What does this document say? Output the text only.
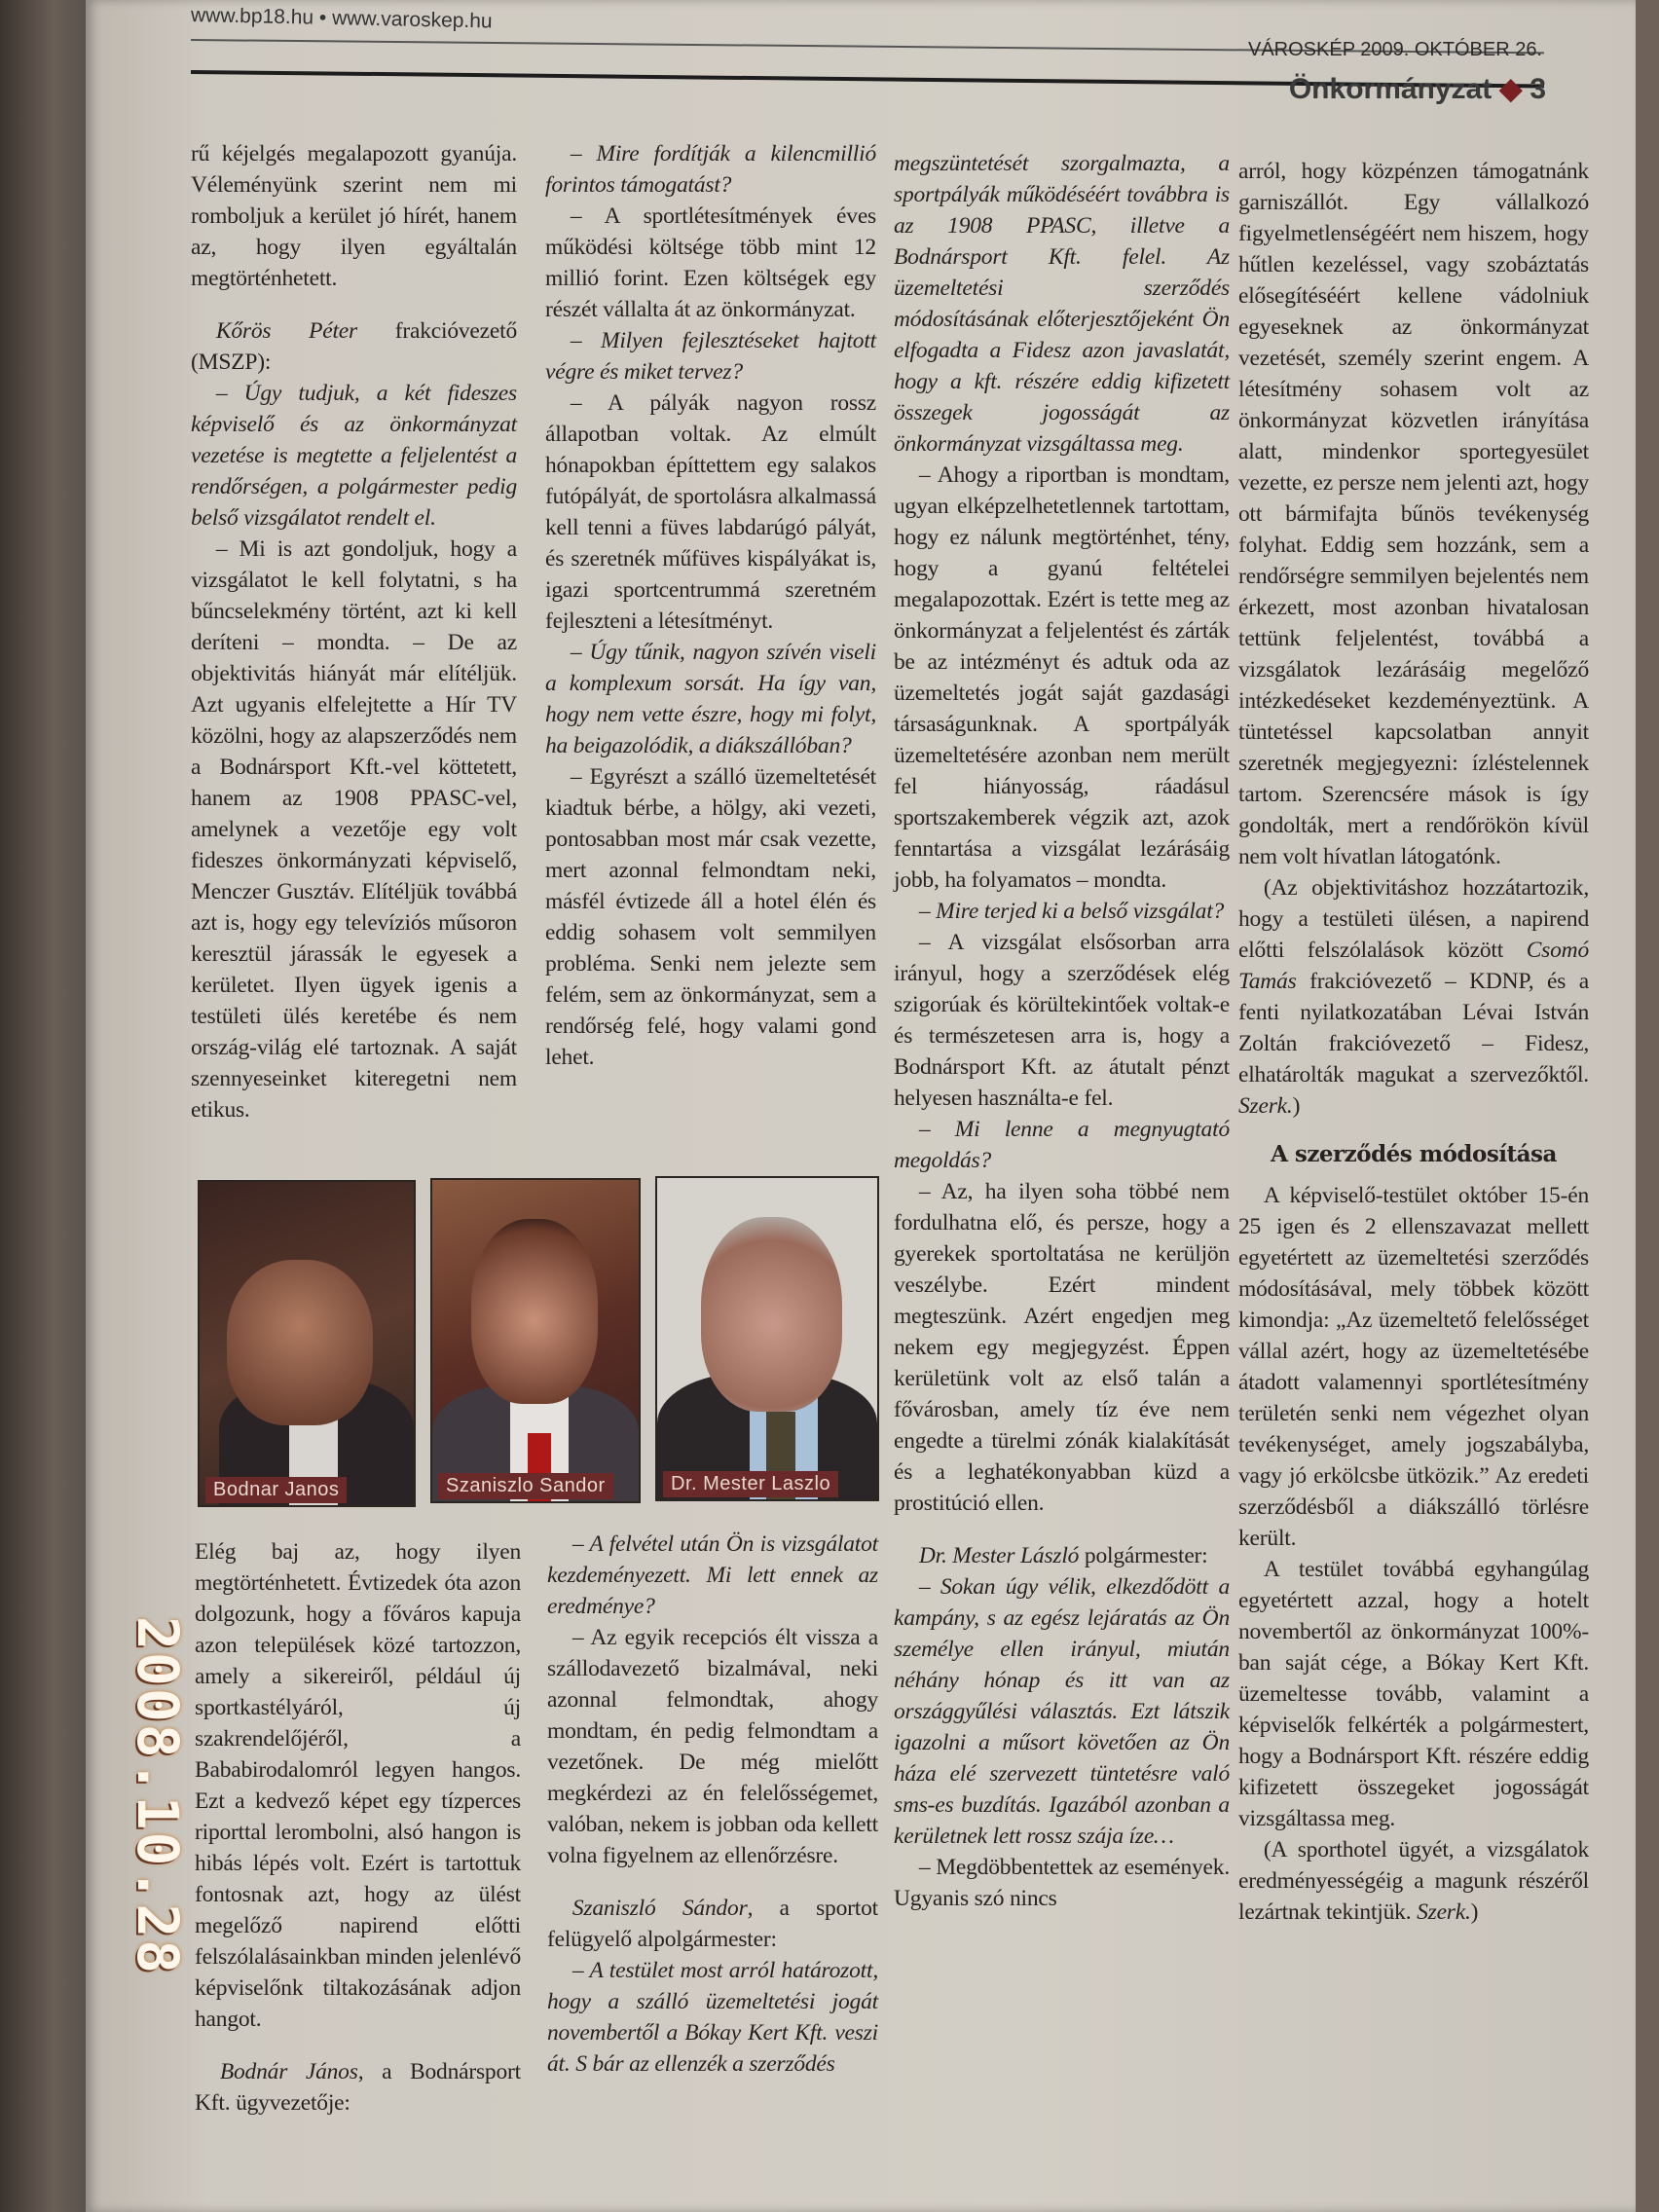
www.bp18.hu • www.varoskep.hu
VÁROSKÉP 2009. OKTÓBER 26.
Önkormányzat ◆ 3

rű kéjelgés megalapozott gyanúja. Véleményünk szerint nem mi romboljuk a kerület jó hírét, hanem az, hogy ilyen egyáltalán megtörténhetett.

Kőrös Péter frakcióvezető (MSZP):

– Úgy tudjuk, a két fideszes képviselő és az önkormányzat vezetése is megtette a feljelentést a rendőrségen, a polgármester pedig belső vizsgálatot rendelt el.

– Mi is azt gondoljuk, hogy a vizsgálatot le kell folytatni, s ha bűncselekmény történt, azt ki kell deríteni – mondta. – De az objektivitás hiányát már elítéljük. Azt ugyanis elfelejtette a Hír TV közölni, hogy az alapszerződés nem a Bodnársport Kft.-vel köttetett, hanem az 1908 PPASC-vel, amelynek a vezetője egy volt fideszes önkormányzati képviselő, Menczer Gusztáv. Elítéljük továbbá azt is, hogy egy televíziós műsoron keresztül járassák le egyesek a kerületet. Ilyen ügyek igenis a testületi ülés keretébe és nem ország-világ elé tartoznak. A saját szennyeseinket kiteregetni nem etikus.

– Mire fordítják a kilencmillió forintos támogatást?

– A sportlétesítmények éves működési költsége több mint 12 millió forint. Ezen költségek egy részét vállalta át az önkormányzat.

– Milyen fejlesztéseket hajtott végre és miket tervez?

– A pályák nagyon rossz állapotban voltak. Az elmúlt hónapokban építtettem egy salakos futópályát, de sportolásra alkalmassá kell tenni a füves labdarúgó pályát, és szeretnék műfüves kispályákat is, igazi sportcentrummá szeretném fejleszteni a létesítményt.

– Úgy tűnik, nagyon szívén viseli a komplexum sorsát. Ha így van, hogy nem vette észre, hogy mi folyt, ha beigazolódik, a diákszállóban?

– Egyrészt a szálló üzemeltetését kiadtuk bérbe, a hölgy, aki vezeti, pontosabban most már csak vezette, mert azonnal felmondtam neki, másfél évtizede áll a hotel élén és eddig sohasem volt semmilyen probléma. Senki nem jelezte sem felém, sem az önkormányzat, sem a rendőrség felé, hogy valami gond lehet.

megszüntetését szorgalmazta, a sportpályák működéséért továbbra is az 1908 PPASC, illetve a Bodnársport Kft. felel. Az üzemeltetési szerződés módosításának előterjesztőjeként Ön elfogadta a Fidesz azon javaslatát, hogy a kft. részére eddig kifizetett összegek jogosságát az önkormányzat vizsgáltassa meg.

– Ahogy a riportban is mondtam, ugyan elképzelhetetlennek tartottam, hogy ez nálunk megtörténhet, tény, hogy a gyanú feltételei megalapozottak. Ezért is tette meg az önkormányzat a feljelentést és zárták be az intézményt és adtuk oda az üzemeltetés jogát saját gazdasági társaságunknak. A sportpályák üzemeltetésére azonban nem merült fel hiányosság, ráadásul sportszakemberek végzik azt, azok fenntartása a vizsgálat lezárásáig jobb, ha folyamatos – mondta.

– Mire terjed ki a belső vizsgálat?

– A vizsgálat elsősorban arra irányul, hogy a szerződések elég szigorúak és körültekintőek voltak-e és természetesen arra is, hogy a Bodnársport Kft. az átutalt pénzt helyesen használta-e fel.

– Mi lenne a megnyugtató megoldás?

– Az, ha ilyen soha többé nem fordulhatna elő, és persze, hogy a gyerekek sportoltatása ne kerüljön veszélybe. Ezért mindent megteszünk. Azért engedjen meg nekem egy megjegyzést. Éppen kerületünk volt az első talán a fővárosban, amely tíz éve nem engedte a türelmi zónák kialakítását és a leghatékonyabban küzd a prostitúció ellen.

Dr. Mester László polgármester:

– Sokan úgy vélik, elkezdődött a kampány, s az egész lejáratás az Ön személye ellen irányul, miután néhány hónap és itt van az országgyűlési választás. Ezt látszik igazolni a műsort követően az Ön háza elé szervezett tüntetésre való sms-es buzdítás. Igazából azonban a kerületnek lett rossz szája íze…

– Megdöbbentettek az események. Ugyanis szó nincs

arról, hogy közpénzen támogatnánk garniszállót. Egy vállalkozó figyelmetlenségéért nem hiszem, hogy hűtlen kezeléssel, vagy szobáztatás elősegítéséért kellene vádolniuk egyeseknek az önkormányzat vezetését, személy szerint engem. A létesítmény sohasem volt az önkormányzat közvetlen irányítása alatt, mindenkor sportegyesület vezette, ez persze nem jelenti azt, hogy ott bármifajta bűnös tevékenység folyhat. Eddig sem hozzánk, sem a rendőrségre semmilyen bejelentés nem érkezett, most azonban hivatalosan tettünk feljelentést, továbbá a vizsgálatok lezárásáig megelőző intézkedéseket kezdeményeztünk. A tüntetéssel kapcsolatban annyit szeretnék megjegyezni: ízléstelennek tartom. Szerencsére mások is így gondolták, mert a rendőrökön kívül nem volt hívatlan látogatónk.

(Az objektivitáshoz hozzátartozik, hogy a testületi ülésen, a napirend előtti felszólalások között Csomó Tamás frakcióvezető – KDNP, és a fenti nyilatkozatában Lévai István Zoltán frakcióvezető – Fidesz, elhatárolták magukat a szervezőktől. Szerk.)

A szerződés módosítása

A képviselő-testület október 15-én 25 igen és 2 ellenszavazat mellett egyetértett az üzemeltetési szerződés módosításával, mely többek között kimondja: „Az üzemeltető felelősséget vállal azért, hogy az üzemeltetésébe átadott valamennyi sportlétesítmény területén senki nem végezhet olyan tevékenységet, amely jogszabályba, vagy jó erkölcsbe ütközik.” Az eredeti szerződésből a diákszálló törlésre került.

A testület továbbá egyhangúlag egyetértett azzal, hogy a hotelt novembertől az önkormányzat 100%-ban saját cége, a Bókay Kert Kft. üzemeltesse tovább, valamint a képviselők felkérték a polgármestert, hogy a Bodnársport Kft. részére eddig kifizetett összegeket jogosságát vizsgáltassa meg.

(A sporthotel ügyét, a vizsgálatok eredményességéig a magunk részéről lezártnak tekintjük. Szerk.)

Elég baj az, hogy ilyen megtörténhetett. Évtizedek óta azon dolgozunk, hogy a főváros kapuja azon települések közé tartozzon, amely a sikereiről, például új sportkastélyáról, új szakrendelőjéről, a Bababirodalomról legyen hangos. Ezt a kedvező képet egy tízperces riporttal lerombolni, alsó hangon is hibás lépés volt. Ezért is tartottuk fontosnak azt, hogy az ülést megelőző napirend előtti felszólalásainkban minden jelenlévő képviselőnk tiltakozásának adjon hangot.

Bodnár János, a Bodnársport Kft. ügyvezetője:

– A felvétel után Ön is vizsgálatot kezdeményezett. Mi lett ennek az eredménye?

– Az egyik recepciós élt vissza a szállodavezető bizalmával, neki azonnal felmondtak, ahogy mondtam, én pedig felmondtam a vezetőnek. De még mielőtt megkérdezi az én felelősségemet, valóban, nekem is jobban oda kellett volna figyelnem az ellenőrzésre.

Szaniszló Sándor, a sportot felügyelő alpolgármester:

– A testület most arról határozott, hogy a szálló üzemeltetési jogát novembertől a Bókay Kert Kft. veszi át. S bár az ellenzék a szerződés

Bodnar Janos	Szaniszlo Sandor	Dr. Mester Laszlo
2008.10.28
